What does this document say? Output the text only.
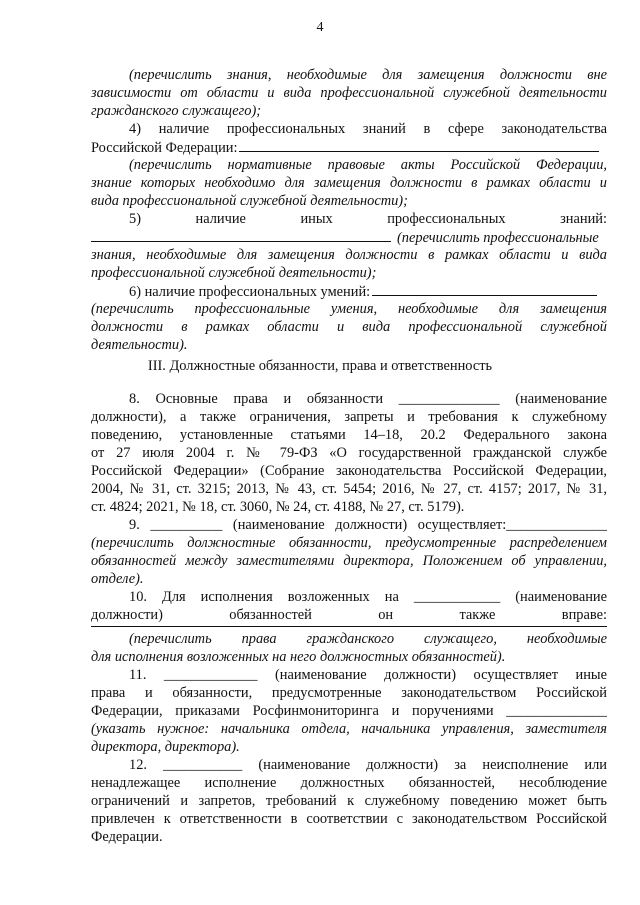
4
III. Должностные обязанности, права и ответственность
(перечислить знания, необходимые для замещения должности вне
зависимости от области и вида профессиональной служебной деятельности
гражданского служащего);
4) наличие профессиональных знаний в сфере законодательства
Российской Федерации:
(перечислить нормативные правовые акты Российской Федерации,
знание которых необходимо для замещения должности в рамках области и
вида профессиональной служебной деятельности);
5) наличие иных профессиональных знаний:
(перечислить профессиональные
знания, необходимые для замещения должности в рамках области и вида
профессиональной служебной деятельности);
6) наличие профессиональных умений:
(перечислить профессиональные умения, необходимые для замещения
должности в рамках области и вида профессиональной служебной
деятельности).
8. Основные права и обязанности ______________ (наименование
должности), а также ограничения, запреты и требования к служебному
поведению, установленные статьями 14–18, 20.2 Федерального закона
от 27 июля 2004 г. № 79-ФЗ «О государственной гражданской службе
Российской Федерации» (Собрание законодательства Российской Федерации,
2004, № 31, ст. 3215; 2013, № 43, ст. 5454; 2016, № 27, ст. 4157; 2017, № 31,
ст. 4824; 2021, № 18, ст. 3060, № 24, ст. 4188, № 27, ст. 5179).
9. __________ (наименование должности) осуществляет:______________
(перечислить должностные обязанности, предусмотренные распределением
обязанностей между заместителями директора, Положением об управлении,
отделе).
10. Для исполнения возложенных на ____________ (наименование
должности) обязанностей он также вправе:
(перечислить права гражданского служащего, необходимые
для исполнения возложенных на него должностных обязанностей).
11. _____________ (наименование должности) осуществляет иные
права и обязанности, предусмотренные законодательством Российской
Федерации, приказами Росфинмониторинга и поручениями ______________
(указать нужное: начальника отдела, начальника управления, заместителя
директора, директора).
12. ___________ (наименование должности) за неисполнение или
ненадлежащее исполнение должностных обязанностей, несоблюдение
ограничений и запретов, требований к служебному поведению может быть
привлечен к ответственности в соответствии с законодательством Российской
Федерации.
